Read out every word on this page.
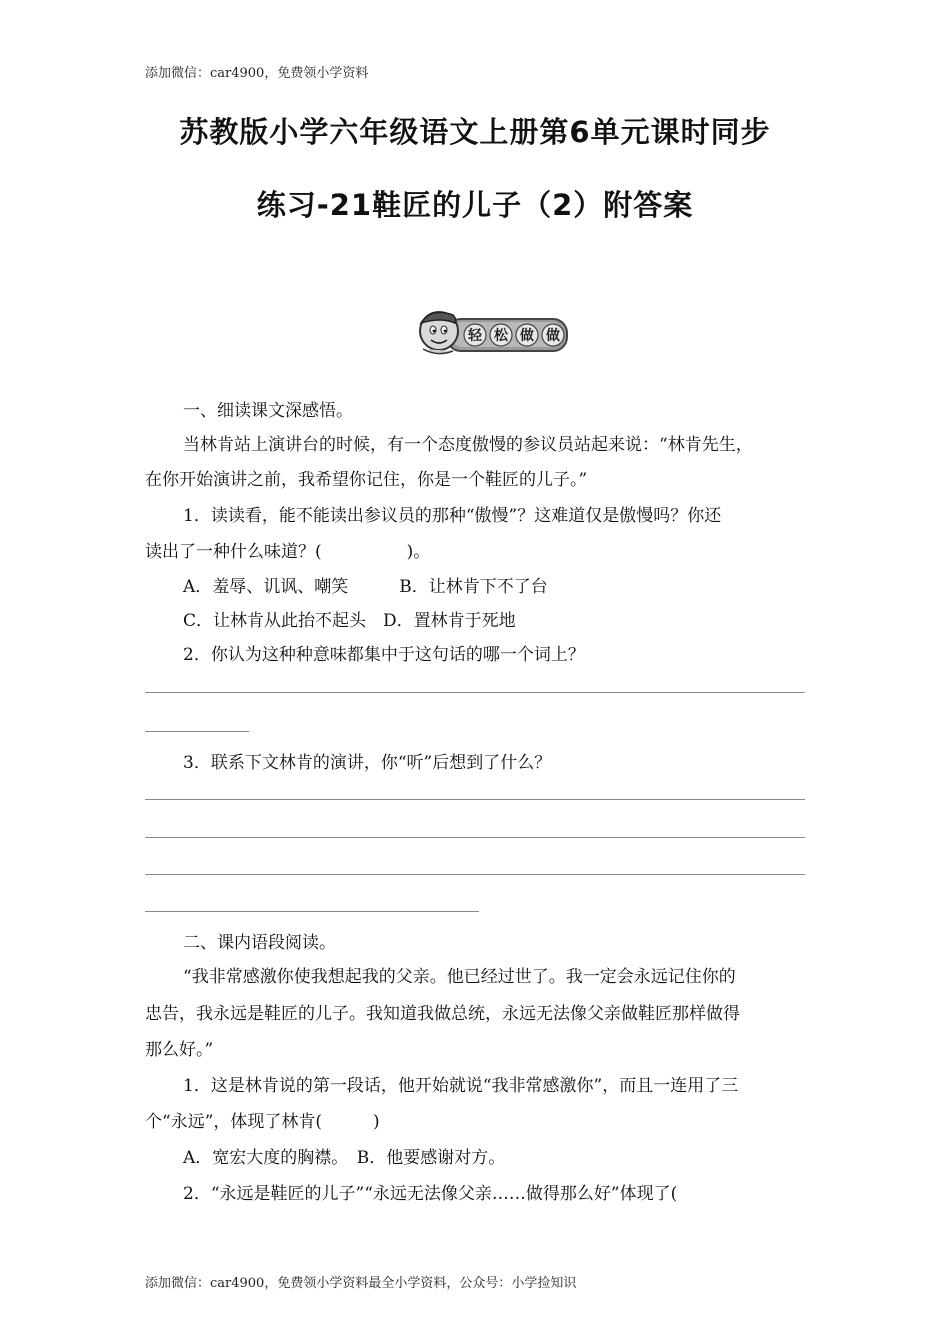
添加微信：car4900，免费领小学资料
苏教版小学六年级语文上册第6单元课时同步
练习-21鞋匠的儿子（2）附答案
轻 松 做 做
一、细读课文深感悟。
当林肯站上演讲台的时候，有一个态度傲慢的参议员站起来说：“林肯先生，
在你开始演讲之前，我希望你记住，你是一个鞋匠的儿子。”
1．读读看，能不能读出参议员的那种“傲慢”？这难道仅是傲慢吗？你还
读出了一种什么味道？(　　　　　)。
A．羞辱、讥讽、嘲笑　　　B．让林肯下不了台
C．让林肯从此抬不起头　D．置林肯于死地
2．你认为这种种意味都集中于这句话的哪一个词上？
3．联系下文林肯的演讲，你“听”后想到了什么？
二、课内语段阅读。
“我非常感激你使我想起我的父亲。他已经过世了。我一定会永远记住你的
忠告，我永远是鞋匠的儿子。我知道我做总统，永远无法像父亲做鞋匠那样做得
那么好。”
1．这是林肯说的第一段话，他开始就说“我非常感激你”，而且一连用了三
个“永远”，体现了林肯(　　　)
A．宽宏大度的胸襟。　B．他要感谢对方。
2．“永远是鞋匠的儿子”“永远无法像父亲……做得那么好”体现了(
添加微信：car4900，免费领小学资料最全小学资料，公众号：小学捡知识
